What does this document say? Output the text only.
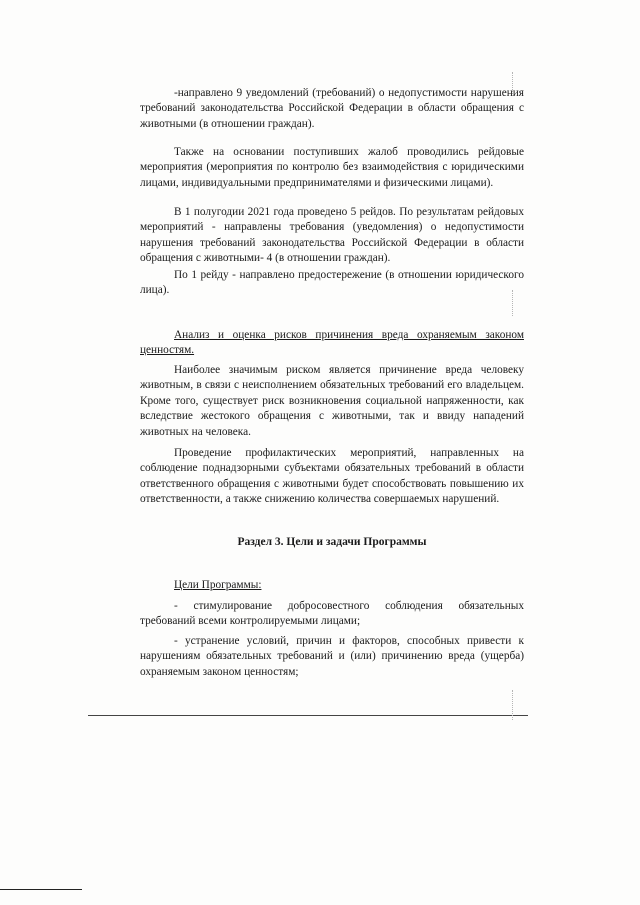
-направлено 9 уведомлений (требований) о недопустимости нарушения требований законодательства Российской Федерации в области обращения с животными (в отношении граждан).

Также на основании поступивших жалоб проводились рейдовые мероприятия (мероприятия по контролю без взаимодействия с юридическими лицами, индивидуальными предпринимателями и физическими лицами).

В 1 полугодии 2021 года проведено 5 рейдов. По результатам рейдовых мероприятий - направлены требования (уведомления) о недопустимости нарушения требований законодательства Российской Федерации в области обращения с животными- 4 (в отношении граждан).

По 1 рейду - направлено предостережение (в отношении юридического лица).

Анализ и оценка рисков причинения вреда охраняемым законом ценностям.

Наиболее значимым риском является причинение вреда человеку животным, в связи с неисполнением обязательных требований его владельцем. Кроме того, существует риск возникновения социальной напряженности, как вследствие жестокого обращения с животными, так и ввиду нападений животных на человека.

Проведение профилактических мероприятий, направленных на соблюдение поднадзорными субъектами обязательных требований в области ответственного обращения с животными будет способствовать повышению их ответственности, а также снижению количества совершаемых нарушений.

Раздел 3. Цели и задачи Программы

Цели Программы:

- стимулирование добросовестного соблюдения обязательных требований всеми контролируемыми лицами;

- устранение условий, причин и факторов, способных привести к нарушениям обязательных требований и (или) причинению вреда (ущерба) охраняемым законом ценностям;
